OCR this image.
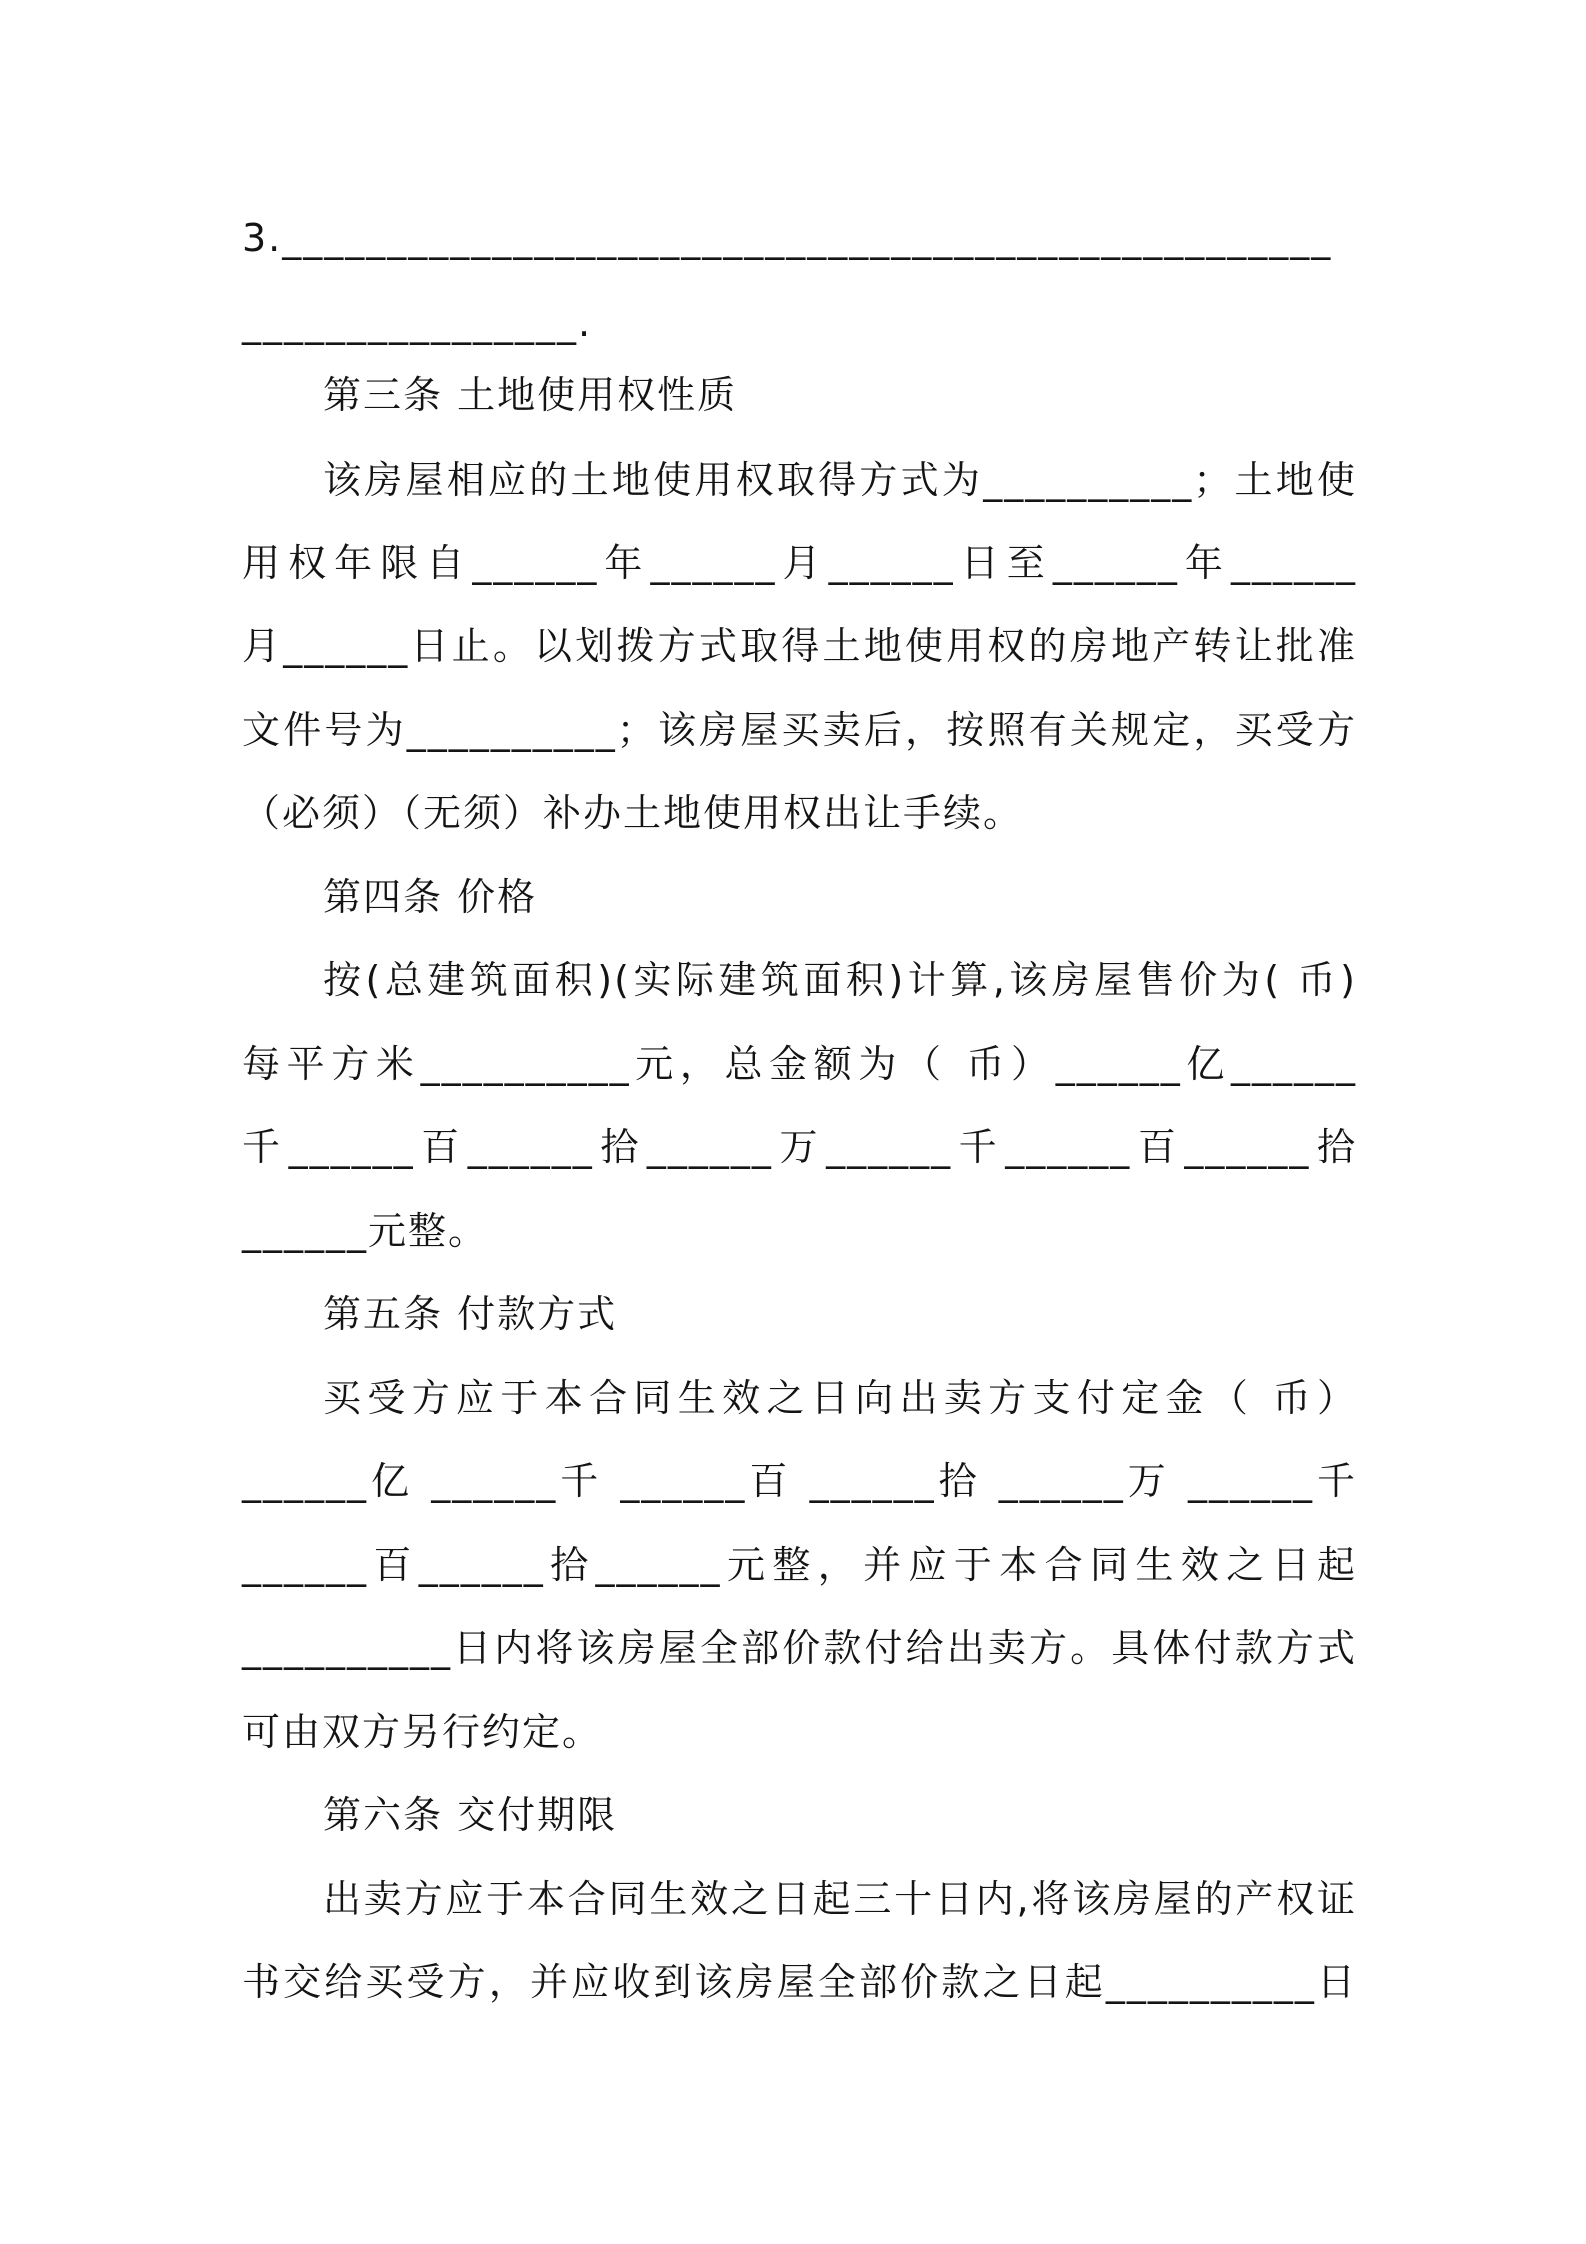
3.__________________________________________________
________________.
第三条 土地使用权性质
该房屋相应的土地使用权取得方式为__________；土地使
用权年限自______年______月______日至______年______
月______日止。以划拨方式取得土地使用权的房地产转让批准
文件号为__________；该房屋买卖后，按照有关规定，买受方
（必须）（无须）补办土地使用权出让手续。
第四条 价格
按(总建筑面积)(实际建筑面积)计算,该房屋售价为( 币)
每平方米__________元，总金额为（ 币）______亿______
千______百______拾______万______千______百______拾
______元整。
第五条 付款方式
买受方应于本合同生效之日向出卖方支付定金（ 币）
______亿 ______千 ______百 ______拾 ______万 ______千
______百______拾______元整，并应于本合同生效之日起
__________日内将该房屋全部价款付给出卖方。具体付款方式
可由双方另行约定。
第六条 交付期限
出卖方应于本合同生效之日起三十日内,将该房屋的产权证
书交给买受方，并应收到该房屋全部价款之日起__________日
